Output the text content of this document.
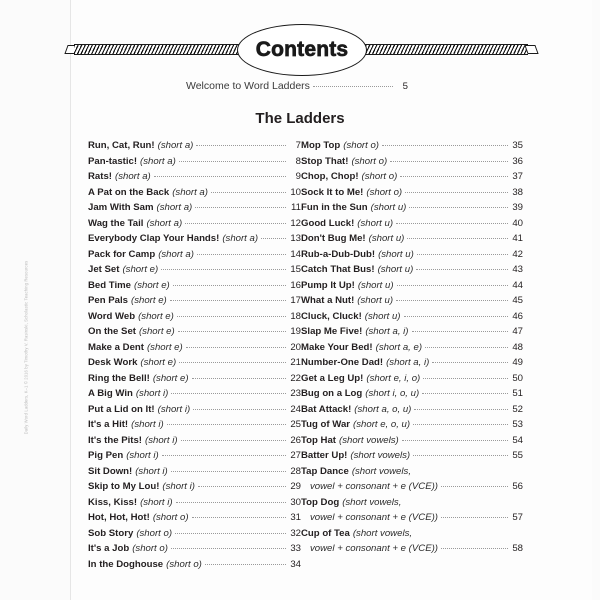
Contents
Welcome to Word Ladders	5
The Ladders
Run, Cat, Run! (short a)	7
Pan-tastic! (short a)	8
Rats! (short a)	9
A Pat on the Back (short a)	10
Jam With Sam (short a)	11
Wag the Tail (short a)	12
Everybody Clap Your Hands! (short a)	13
Pack for Camp (short a)	14
Jet Set (short e)	15
Bed Time (short e)	16
Pen Pals (short e)	17
Word Web (short e)	18
On the Set (short e)	19
Make a Dent (short e)	20
Desk Work (short e)	21
Ring the Bell! (short e)	22
A Big Win (short i)	23
Put a Lid on It! (short i)	24
It's a Hit! (short i)	25
It's the Pits! (short i)	26
Pig Pen (short i)	27
Sit Down! (short i)	28
Skip to My Lou! (short i)	29
Kiss, Kiss! (short i)	30
Hot, Hot, Hot! (short o)	31
Sob Story (short o)	32
It's a Job (short o)	33
In the Doghouse (short o)	34
Mop Top (short o)	35
Stop That! (short o)	36
Chop, Chop! (short o)	37
Sock It to Me! (short o)	38
Fun in the Sun (short u)	39
Good Luck! (short u)	40
Don't Bug Me! (short u)	41
Rub-a-Dub-Dub! (short u)	42
Catch That Bus! (short u)	43
Pump It Up! (short u)	44
What a Nut! (short u)	45
Cluck, Cluck! (short u)	46
Slap Me Five! (short a, i)	47
Make Your Bed! (short a, e)	48
Number-One Dad! (short a, i)	49
Get a Leg Up! (short e, i, o)	50
Bug on a Log (short i, o, u)	51
Bat Attack! (short a, o, u)	52
Tug of War (short e, o, u)	53
Top Hat (short vowels)	54
Batter Up! (short vowels)	55
Tap Dance (short vowels,
vowel + consonant + e (VCE))	56
Top Dog (short vowels,
vowel + consonant + e (VCE))	57
Cup of Tea (short vowels,
vowel + consonant + e (VCE))	58
Daily Word Ladders, K–1 © 2016 by Timothy V. Rasinski, Scholastic Teaching Resources
